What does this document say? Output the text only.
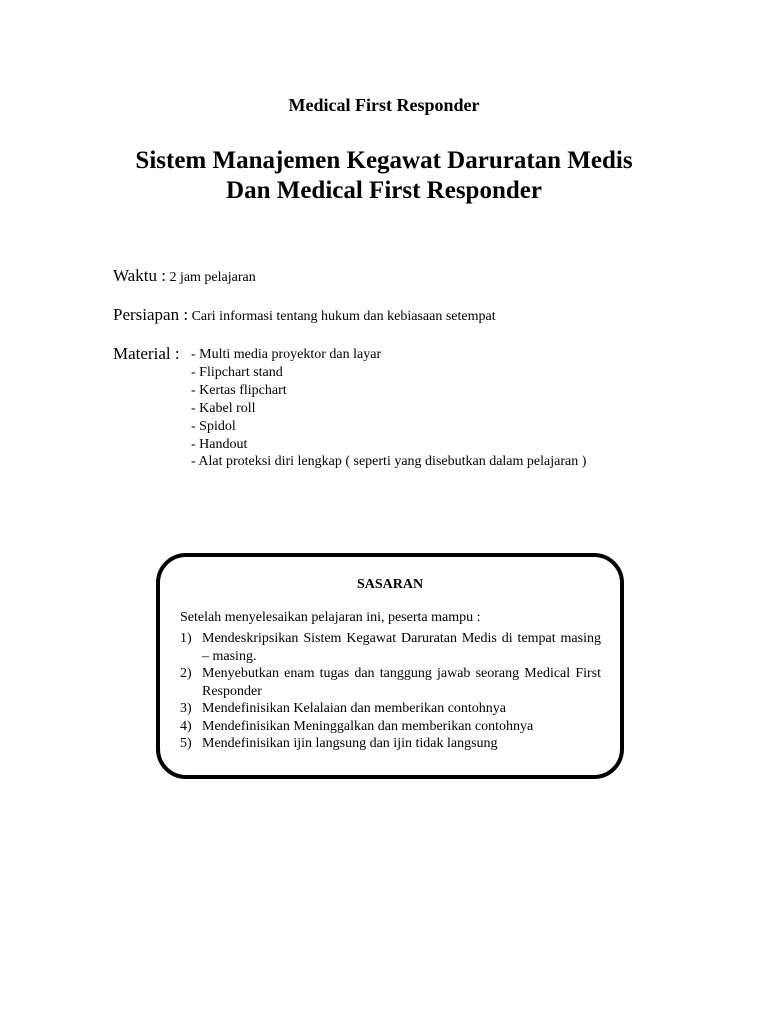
Medical First Responder
Sistem Manajemen Kegawat Daruratan Medis
Dan Medical First Responder
Waktu : 2 jam pelajaran
Persiapan : Cari informasi tentang hukum dan kebiasaan setempat
Material : - Multi media proyektor dan layar
- Flipchart stand
- Kertas flipchart
- Kabel roll
- Spidol
- Handout
- Alat proteksi diri lengkap ( seperti yang disebutkan dalam pelajaran )
SASARAN
Setelah menyelesaikan pelajaran ini, peserta mampu :
1) Mendeskripsikan Sistem Kegawat Daruratan Medis di tempat masing – masing.
2) Menyebutkan enam tugas dan tanggung jawab seorang Medical First Responder
3) Mendefinisikan Kelalaian dan memberikan contohnya
4) Mendefinisikan Meninggalkan dan memberikan contohnya
5) Mendefinisikan ijin langsung dan ijin tidak langsung
